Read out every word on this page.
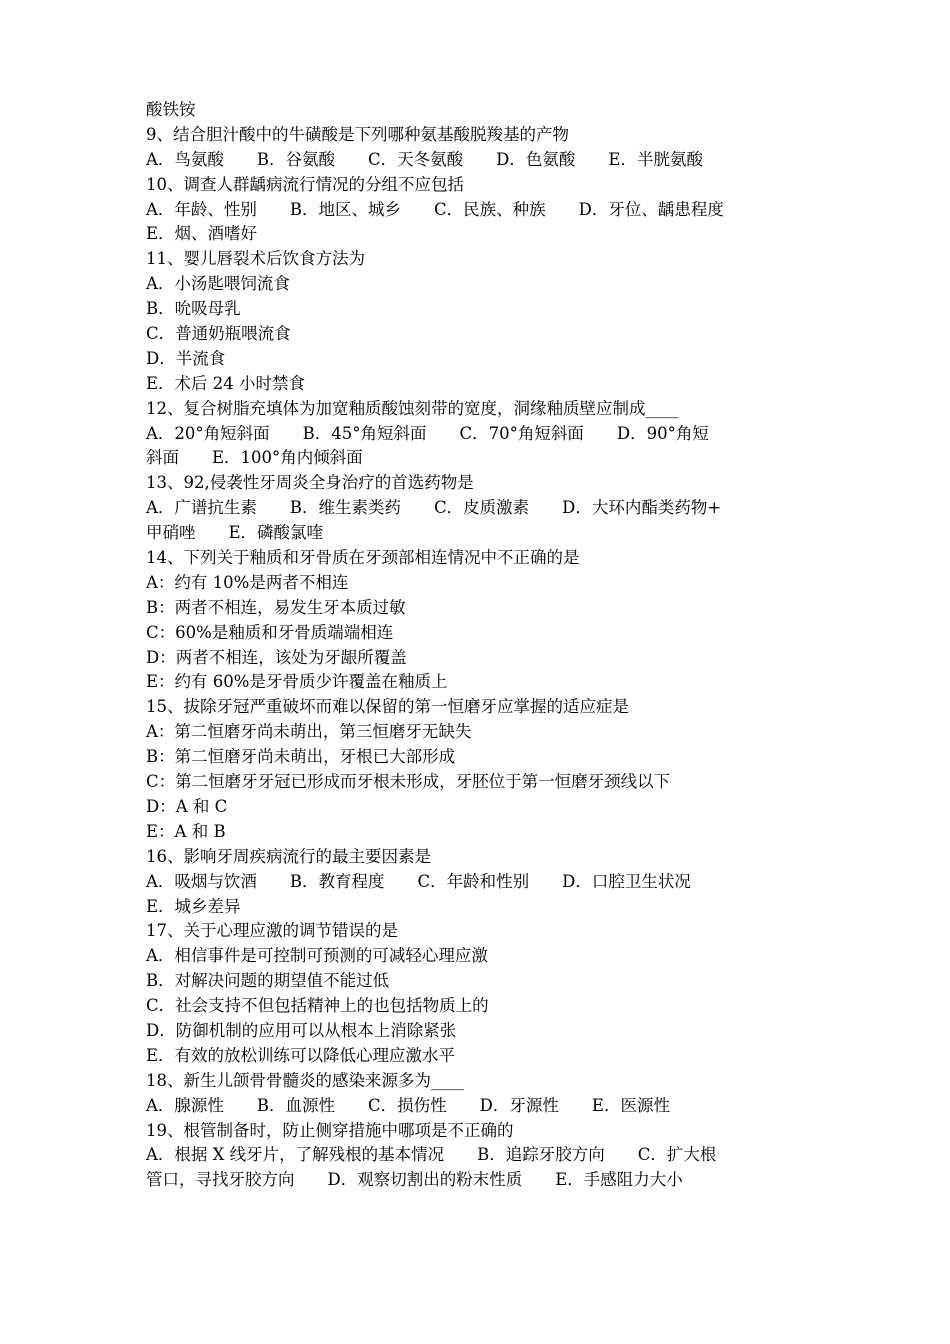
酸铁铵
9、结合胆汁酸中的牛磺酸是下列哪种氨基酸脱羧基的产物
A．鸟氨酸　　B．谷氨酸　　C．天冬氨酸　　D．色氨酸　　E．半胱氨酸
10、调查人群龋病流行情况的分组不应包括
A．年龄、性别　　B．地区、城乡　　C．民族、种族　　D．牙位、龋患程度
E．烟、酒嗜好
11、婴儿唇裂术后饮食方法为
A．小汤匙喂饲流食
B．吮吸母乳
C．普通奶瓶喂流食
D．半流食
E．术后 24 小时禁食
12、复合树脂充填体为加宽釉质酸蚀刻带的宽度，洞缘釉质壁应制成____
A．20°角短斜面　　B．45°角短斜面　　C．70°角短斜面　　D．90°角短
斜面　　E．100°角内倾斜面
13、92,侵袭性牙周炎全身治疗的首选药物是
A．广谱抗生素　　B．维生素类药　　C．皮质激素　　D．大环内酯类药物+
甲硝唑　　E．磷酸氯喹
14、下列关于釉质和牙骨质在牙颈部相连情况中不正确的是
A：约有 10%是两者不相连
B：两者不相连，易发生牙本质过敏
C：60%是釉质和牙骨质端端相连
D：两者不相连，该处为牙龈所覆盖
E：约有 60%是牙骨质少许覆盖在釉质上
15、拔除牙冠严重破坏而难以保留的第一恒磨牙应掌握的适应症是
A：第二恒磨牙尚未萌出，第三恒磨牙无缺失
B：第二恒磨牙尚未萌出，牙根已大部形成
C：第二恒磨牙牙冠已形成而牙根未形成，牙胚位于第一恒磨牙颈线以下
D：A 和 C
E：A 和 B
16、影响牙周疾病流行的最主要因素是
A．吸烟与饮酒　　B．教育程度　　C．年龄和性别　　D．口腔卫生状况
E．城乡差异
17、关于心理应激的调节错误的是
A．相信事件是可控制可预测的可减轻心理应激
B．对解决问题的期望值不能过低
C．社会支持不但包括精神上的也包括物质上的
D．防御机制的应用可以从根本上消除紧张
E．有效的放松训练可以降低心理应激水平
18、新生儿颌骨骨髓炎的感染来源多为____
A．腺源性　　B．血源性　　C．损伤性　　D．牙源性　　E．医源性
19、根管制备时，防止侧穿措施中哪项是不正确的
A．根据 X 线牙片，了解残根的基本情况　　B．追踪牙胶方向　　C．扩大根
管口，寻找牙胶方向　　D．观察切割出的粉末性质　　E．手感阻力大小
